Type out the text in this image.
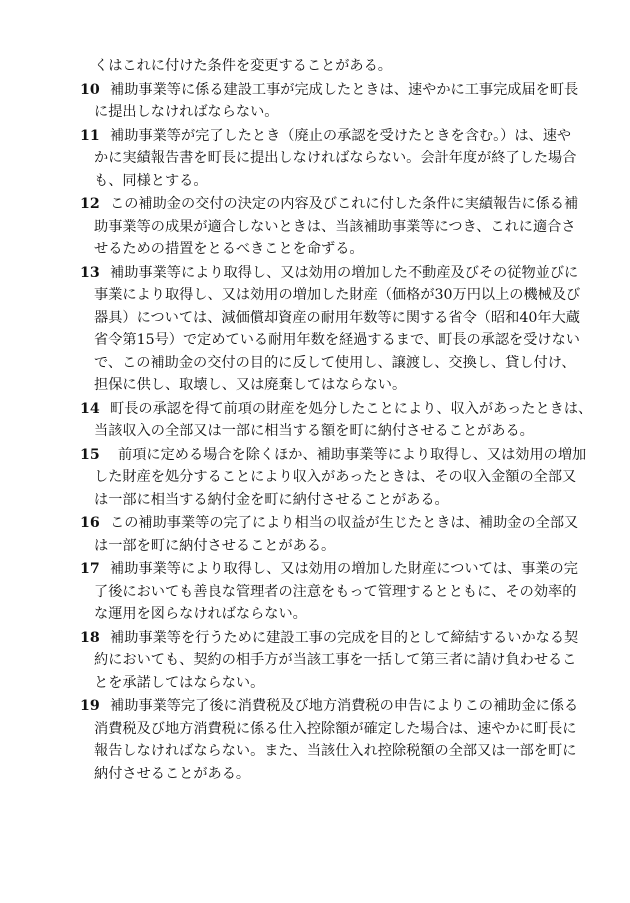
くはこれに付けた条件を変更することがある。
10 補助事業等に係る建設工事が完成したときは、速やかに工事完成届を町長
に提出しなければならない。
11 補助事業等が完了したとき（廃止の承認を受けたときを含む。）は、速や
かに実績報告書を町長に提出しなければならない。会計年度が終了した場合
も、同様とする。
12 この補助金の交付の決定の内容及びこれに付した条件に実績報告に係る補
助事業等の成果が適合しないときは、当該補助事業等につき、これに適合さ
せるための措置をとるべきことを命ずる。
13 補助事業等により取得し、又は効用の増加した不動産及びその従物並びに
事業により取得し、又は効用の増加した財産（価格が30万円以上の機械及び
器具）については、減価償却資産の耐用年数等に関する省令（昭和40年大蔵
省令第15号）で定めている耐用年数を経過するまで、町長の承認を受けない
で、この補助金の交付の目的に反して使用し、譲渡し、交換し、貸し付け、
担保に供し、取壊し、又は廃棄してはならない。
14 町長の承認を得て前項の財産を処分したことにより、収入があったときは、
当該収入の全部又は一部に相当する額を町に納付させることがある。
15 前項に定める場合を除くほか、補助事業等により取得し、又は効用の増加
した財産を処分することにより収入があったときは、その収入金額の全部又
は一部に相当する納付金を町に納付させることがある。
16 この補助事業等の完了により相当の収益が生じたときは、補助金の全部又
は一部を町に納付させることがある。
17 補助事業等により取得し、又は効用の増加した財産については、事業の完
了後においても善良な管理者の注意をもって管理するとともに、その効率的
な運用を図らなければならない。
18 補助事業等を行うために建設工事の完成を目的として締結するいかなる契
約においても、契約の相手方が当該工事を一括して第三者に請け負わせるこ
とを承諾してはならない。
19 補助事業等完了後に消費税及び地方消費税の申告によりこの補助金に係る
消費税及び地方消費税に係る仕入控除額が確定した場合は、速やかに町長に
報告しなければならない。また、当該仕入れ控除税額の全部又は一部を町に
納付させることがある。
